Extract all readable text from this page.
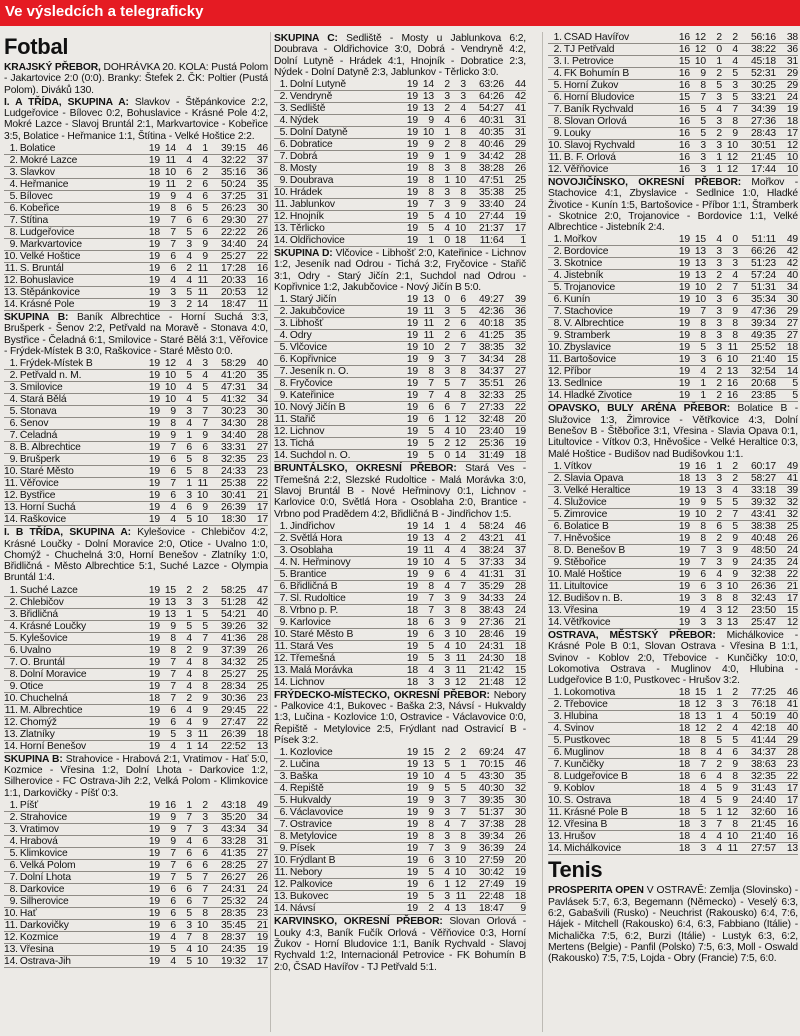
Ve výsledcích a telegraficky
Fotbal

KRAJSKÝ PŘEBOR, DOHRÁVKA 20. KOLA: Pustá Polom - Jakartovice 2:0 (0:0). Branky: Štefek 2. ČK: Poltier (Pustá Polom). Diváků 130.

I. A TŘÍDA, SKUPINA A: Slavkov - Štěpánkovice 2:2, Ludgeřovice - Bílovec 0:2, Bohuslavice - Krásné Pole 4:2, Mokré Lazce - Slavoj Bruntál 2:1, Markvartovice - Kobeřice 3:5, Bolatice - Heřmanice 1:1, Štítina - Velké Hoštice 2:2.

1.	Bolatice	19	14	4	1	39:15	46
2.	Mokré Lazce	19	11	4	4	32:22	37
3.	Slavkov	18	10	6	2	35:16	36
4.	Heřmanice	19	11	2	6	50:24	35
5.	Bílovec	19	9	4	6	37:25	31
6.	Kobeřice	19	8	6	5	26:23	30
7.	Štítina	19	7	6	6	29:30	27
8.	Ludgeřovice	18	7	5	6	22:22	26
9.	Markvartovice	19	7	3	9	34:40	24
10.	Velké Hoštice	19	6	4	9	25:27	22
11.	S. Bruntál	19	6	2	11	17:28	16
12.	Bohuslavice	19	4	4	11	20:33	16
13.	Štěpánkovice	19	3	5	11	20:53	12
14.	Krásné Pole	19	3	2	14	18:47	11

SKUPINA B: Baník Albrechtice - Horní Suchá 3:3, Brušperk - Šenov 2:2, Petřvald na Moravě - Stonava 4:0, Bystřice - Čeladná 6:1, Smilovice - Staré Bělá 3:1, Věřovice - Frýdek-Místek B 3:0, Raškovice - Staré Město 0:0.

1.	Frýdek-Místek B	19	12	4	3	58:29	40
2.	Petřvald n. M.	19	10	5	4	41:20	35
3.	Smilovice	19	10	4	5	47:31	34
4.	Stará Bělá	19	10	4	5	41:32	34
5.	Stonava	19	9	3	7	30:23	30
6.	Šenov	19	8	4	7	34:30	28
7.	Čeladná	19	9	1	9	34:40	28
8.	B. Albrechtice	19	7	6	6	33:31	27
9.	Brušperk	19	6	5	8	32:35	23
10.	Staré Město	19	6	5	8	24:33	23
11.	Věřovice	19	7	1	11	25:38	22
12.	Bystřice	19	6	3	10	30:41	21
13.	Horní Suchá	19	4	6	9	26:39	17
14.	Raškovice	19	4	5	10	18:30	17

I. B TŘÍDA, SKUPINA A: Kylešovice - Chlebičov 4:2, Krásné Loučky - Dolní Moravice 2:0, Otice - Uvalno 1:0, Chomýž - Chuchelná 3:0, Horní Benešov - Zlatníky 1:0, Břidličná - Město Albrechtice 5:1, Suché Lazce - Olympia Bruntál 1:4.

1.	Suché Lazce	19	15	2	2	58:25	47
2.	Chlebičov	19	13	3	3	51:28	42
3.	Břidličná	19	13	1	5	54:21	40
4.	Krásné Loučky	19	9	5	5	39:26	32
5.	Kylešovice	19	8	4	7	41:36	28
6.	Uvalno	19	8	2	9	37:39	26
7.	O. Bruntál	19	7	4	8	34:32	25
8.	Dolní Moravice	19	7	4	8	25:27	25
9.	Otice	19	7	4	8	28:34	25
10.	Chuchelná	18	7	2	9	30:36	23
11.	M. Albrechtice	19	6	4	9	29:45	22
12.	Chomýž	19	6	4	9	27:47	22
13.	Zlatníky	19	5	3	11	26:39	18
14.	Horní Benešov	19	4	1	14	22:52	13

SKUPINA B: Strahovice - Hrabová 2:1, Vratimov - Hať 5:0, Kozmice - Vřesina 1:2, Dolní Lhota - Darkovice 1:2, Silherovice - FC Ostrava-Jih 2:2, Velká Polom - Klimkovice 1:1, Darkovičky - Píšť 0:3.

1.	Píšť	19	16	1	2	43:18	49
2.	Strahovice	19	9	7	3	35:20	34
3.	Vratimov	19	9	7	3	43:34	34
4.	Hrabová	19	9	4	6	33:28	31
5.	Klimkovice	19	7	6	6	41:35	27
6.	Velká Polom	19	7	6	6	28:25	27
7.	Dolní Lhota	19	7	5	7	26:27	26
8.	Darkovice	19	6	6	7	24:31	24
9.	Silherovice	19	6	6	7	25:32	24
10.	Hať	19	6	5	8	28:35	23
11.	Darkovičky	19	6	3	10	35:45	21
12.	Kozmice	19	4	7	8	28:37	19
13.	Vřesina	19	5	4	10	24:35	19
14.	Ostrava-Jih	19	4	5	10	19:32	17

SKUPINA C: Sedliště - Mosty u Jablunkova 6:2, Doubrava - Oldřichovice 3:0, Dobrá - Vendryně 4:2, Dolní Lutyně - Hrádek 4:1, Hnojník - Dobratice 2:3, Nýdek - Dolní Datyně 2:3, Jablunkov - Těrlicko 3:0.

1.	Dolní Lutyně	19	14	2	3	63:26	44
2.	Vendryně	19	13	3	3	64:26	42
3.	Sedliště	19	13	2	4	54:27	41
4.	Nýdek	19	9	4	6	40:31	31
5.	Dolní Datyně	19	10	1	8	40:35	31
6.	Dobratice	19	9	2	8	40:46	29
7.	Dobrá	19	9	1	9	34:42	28
8.	Mosty	19	8	3	8	38:28	26
9.	Doubrava	19	8	1	10	47:51	25
10.	Hrádek	19	8	3	8	35:38	25
11.	Jablunkov	19	7	3	9	33:40	24
12.	Hnojník	19	5	4	10	27:44	19
13.	Těrlicko	19	5	4	10	21:37	17
14.	Oldřichovice	19	1	0	18	11:64	1

SKUPINA D: Vlčovice - Libhošť 2:0, Kateřinice - Lichnov 1:2, Jeseník nad Odrou - Tichá 3:2, Fryčovice - Stařič 3:1, Odry - Starý Jičín 2:1, Suchdol nad Odrou - Kopřivnice 1:2, Jakubčovice - Nový Jičín B 5:0.

1.	Starý Jičín	19	13	0	6	49:27	39
2.	Jakubčovice	19	11	3	5	42:36	36
3.	Libhošť	19	11	2	6	40:18	35
4.	Odry	19	11	2	6	41:25	35
5.	Vlčovice	19	10	2	7	38:35	32
6.	Kopřivnice	19	9	3	7	34:34	28
7.	Jeseník n. O.	19	8	3	8	34:37	27
8.	Fryčovice	19	7	5	7	35:51	26
9.	Kateřinice	19	7	4	8	32:33	25
10.	Nový Jičín B	19	6	6	7	27:33	22
11.	Stařič	19	6	1	12	32:48	20
12.	Lichnov	19	5	4	10	23:40	19
13.	Tichá	19	5	2	12	25:36	19
14.	Suchdol n. O.	19	5	0	14	31:49	18

BRUNTÁLSKO, OKRESNÍ PŘEBOR: Stará Ves - Třemešná 2:2, Slezské Rudoltice - Malá Morávka 3:0, Slavoj Bruntál B - Nové Heřminovy 0:1, Lichnov - Karlovice 0:0, Světlá Hora - Osoblaha 2:0, Brantice - Vrbno pod Pradědem 4:2, Břidličná B - Jindřichov 1:5.

1.	Jindřichov	19	14	1	4	58:24	46
2.	Světlá Hora	19	13	4	2	43:21	41
3.	Osoblaha	19	11	4	4	38:24	37
4.	N. Heřminovy	19	10	4	5	37:33	34
5.	Brantice	19	9	6	4	41:31	31
6.	Břidličná B	19	8	4	7	35:29	28
7.	Sl. Rudoltice	19	7	3	9	34:33	24
8.	Vrbno p. P.	18	7	3	8	38:43	24
9.	Karlovice	18	6	3	9	27:36	21
10.	Staré Město B	19	6	3	10	28:46	19
11.	Stará Ves	19	5	4	10	24:31	18
12.	Třemešná	19	5	3	11	24:30	18
13.	Malá Morávka	18	4	3	11	21:42	15
14.	Lichnov	18	3	3	12	21:48	12

FRÝDECKO-MÍSTECKO, OKRESNÍ PŘEBOR: Nebory - Palkovice 4:1, Bukovec - Baška 2:3, Návsí - Hukvaldy 1:3, Lučina - Kozlovice 1:0, Ostravice - Václavovice 0:0, Řepiště - Metylovice 2:5, Frýdlant nad Ostravicí B - Písek 3:2.

1.	Kozlovice	19	15	2	2	69:24	47
2.	Lučina	19	13	5	1	70:15	46
3.	Baška	19	10	4	5	43:30	35
4.	Řepiště	19	9	5	5	40:30	32
5.	Hukvaldy	19	9	3	7	39:35	30
6.	Václavovice	19	9	3	7	51:37	30
7.	Ostravice	19	8	4	7	37:38	28
8.	Metylovice	19	8	3	8	39:34	26
9.	Písek	19	7	3	9	36:39	24
10.	Frýdlant B	19	6	3	10	27:59	20
11.	Nebory	19	5	4	10	30:42	19
12.	Palkovice	19	6	1	12	27:49	19
13.	Bukovec	19	5	3	11	22:48	18
14.	Návsí	19	2	4	13	18:47	9

KARVINSKO, OKRESNÍ PŘEBOR: Slovan Orlová - Louky 4:3, Baník Fučík Orlová - Věřňovice 0:3, Horní Žukov - Horní Bludovice 1:1, Baník Rychvald - Slavoj Rychvald 1:2, Internacionál Petrovice - FK Bohumín B 2:0, ČSAD Havířov - TJ Petřvald 5:1.

1.	ČSAD Havířov	16	12	2	2	56:16	38
2.	TJ Petřvald	16	12	0	4	38:22	36
3.	I. Petrovice	15	10	1	4	45:18	31
4.	FK Bohumín B	16	9	2	5	52:31	29
5.	Horní Žukov	16	8	5	3	30:25	29
6.	Horní Bludovice	15	7	3	5	33:21	24
7.	Baník Rychvald	16	5	4	7	34:39	19
8.	Slovan Orlová	16	5	3	8	27:36	18
9.	Louky	16	5	2	9	28:43	17
10.	Slavoj Rychvald	16	3	3	10	30:51	12
11.	B. F. Orlová	16	3	1	12	21:45	10
12.	Věřňovice	16	3	1	12	17:44	10

NOVOJIČÍNSKO, OKRESNÍ PŘEBOR: Mořkov - Stachovice 4:1, Zbyslavice - Sedlnice 1:0, Hladké Životice - Kunín 1:5, Bartošovice - Příbor 1:1, Štramberk - Skotnice 2:0, Trojanovice - Bordovice 1:1, Velké Albrechtice - Jistebník 2:4.

1.	Mořkov	19	15	4	0	51:11	49
2.	Bordovice	19	13	3	3	66:26	42
3.	Skotnice	19	13	3	3	51:23	42
4.	Jistebník	19	13	2	4	57:24	40
5.	Trojanovice	19	10	2	7	51:31	34
6.	Kunín	19	10	3	6	35:34	30
7.	Stachovice	19	7	3	9	47:36	29
8.	V. Albrechtice	19	8	3	8	39:34	27
9.	Štramberk	19	8	3	8	49:35	27
10.	Zbyslavice	19	5	3	11	25:52	18
11.	Bartošovice	19	3	6	10	21:40	15
12.	Příbor	19	4	2	13	32:54	14
13.	Sedlnice	19	1	2	16	20:68	5
14.	Hladké Životice	19	1	2	16	23:85	5

OPAVSKO, BULY ARÉNA PŘEBOR: Bolatice B - Služovice 1:3, Žimrovice - Větřkovice 4:3, Dolní Benešov B - Štěbořice 3:1, Vřesina - Slavia Opava 0:1, Litultovice - Vítkov 0:3, Hněvošice - Velké Heraltice 0:3, Malé Hoštice - Budišov nad Budišovkou 1:1.

1.	Vítkov	19	16	1	2	60:17	49
2.	Slavia Opava	18	13	3	2	58:27	41
3.	Velké Heraltice	19	13	3	4	33:18	39
4.	Služovice	19	9	5	5	39:32	32
5.	Žimrovice	19	10	2	7	43:41	32
6.	Bolatice B	19	8	6	5	38:38	25
7.	Hněvošice	19	8	2	9	40:48	26
8.	D. Benešov B	19	7	3	9	48:50	24
9.	Štěbořice	19	7	3	9	24:35	24
10.	Malé Hoštice	19	6	4	9	32:38	22
11.	Litultovice	19	6	3	10	26:36	21
12.	Budišov n. B.	19	3	8	8	32:43	17
13.	Vřesina	19	4	3	12	23:50	15
14.	Větřkovice	19	3	3	13	25:47	12

OSTRAVA, MĚSTSKÝ PŘEBOR: Michálkovice - Krásné Pole B 0:1, Slovan Ostrava - Vřesina B 1:1, Svinov - Koblov 2:0, Třebovice - Kunčičky 10:0, Lokomotiva Ostrava - Muglinov 4:0, Hlubina - Ludgeřovice B 1:0, Pustkovec - Hrušov 3:2.

1.	Lokomotiva	18	15	1	2	77:25	46
2.	Třebovice	18	12	3	3	76:18	41
3.	Hlubina	18	13	1	4	50:19	40
4.	Svinov	18	12	2	4	42:18	40
5.	Pustkovec	18	8	5	5	41:44	29
6.	Muglinov	18	8	4	6	34:37	28
7.	Kunčičky	18	7	2	9	38:63	23
8.	Ludgeřovice B	18	6	4	8	32:35	22
9.	Koblov	18	4	5	9	31:43	17
10.	S. Ostrava	18	4	5	9	24:40	17
11.	Krásné Pole B	18	5	1	12	32:60	16
12.	Vřesina B	18	3	7	8	21:45	16
13.	Hrušov	18	4	4	10	21:40	16
14.	Michálkovice	18	3	4	11	27:57	13
Tenis

PROSPERITA OPEN V OSTRAVĚ: Zemlja (Slovinsko) - Pavlásek 5:7, 6:3, Begemann (Německo) - Veselý 6:3, 6:2, Gabašvili (Rusko) - Neuchrist (Rakousko) 6:4, 7:6, Hájek - Mitchell (Rakousko) 6:4, 6:3, Fabbiano (Itálie) - Michalička 7:5, 6:2, Burzi (Itálie) - Lustyk 6:3, 6:2, Mertens (Belgie) - Panfil (Polsko) 7:5, 6:3, Moll - Oswald (Rakousko) 7:5, 7:5, Lojda - Obry (Francie) 7:5, 6:0.
